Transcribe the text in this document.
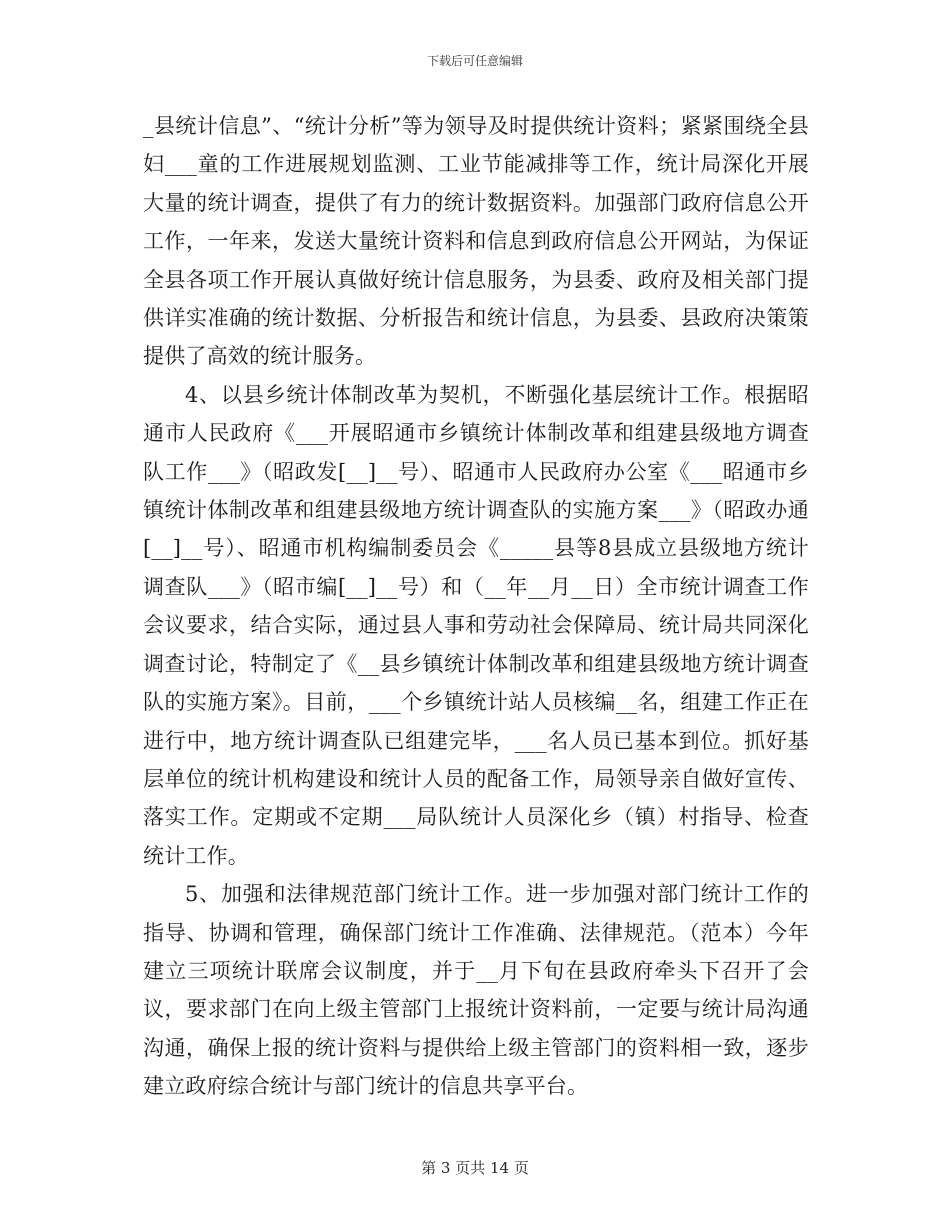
下载后可任意编辑

_县统计信息”、“统计分析”等为领导及时提供统计资料；紧紧围绕全县妇___童的工作进展规划监测、工业节能减排等工作，统计局深化开展大量的统计调查，提供了有力的统计数据资料。加强部门政府信息公开工作，一年来，发送大量统计资料和信息到政府信息公开网站，为保证全县各项工作开展认真做好统计信息服务，为县委、政府及相关部门提供详实准确的统计数据、分析报告和统计信息，为县委、县政府决策策提供了高效的统计服务。

4、以县乡统计体制改革为契机，不断强化基层统计工作。根据昭通市人民政府《___开展昭通市乡镇统计体制改革和组建县级地方调查队工作___》（昭政发[__]__号）、昭通市人民政府办公室《___昭通市乡镇统计体制改革和组建县级地方统计调查队的实施方案___》（昭政办通[__]__号）、昭通市机构编制委员会《_____县等8县成立县级地方统计调查队___》（昭市编[__]__号）和（__年__月__日）全市统计调查工作会议要求，结合实际，通过县人事和劳动社会保障局、统计局共同深化调查讨论，特制定了《__县乡镇统计体制改革和组建县级地方统计调查队的实施方案》。目前，___个乡镇统计站人员核编__名，组建工作正在进行中，地方统计调查队已组建完毕，___名人员已基本到位。抓好基层单位的统计机构建设和统计人员的配备工作，局领导亲自做好宣传、落实工作。定期或不定期___局队统计人员深化乡（镇）村指导、检查统计工作。

5、加强和法律规范部门统计工作。进一步加强对部门统计工作的指导、协调和管理，确保部门统计工作准确、法律规范。（范本）今年建立三项统计联席会议制度，并于__月下旬在县政府牵头下召开了会议，要求部门在向上级主管部门上报统计资料前，一定要与统计局沟通沟通，确保上报的统计资料与提供给上级主管部门的资料相一致，逐步建立政府综合统计与部门统计的信息共享平台。

第 3 页共 14 页
